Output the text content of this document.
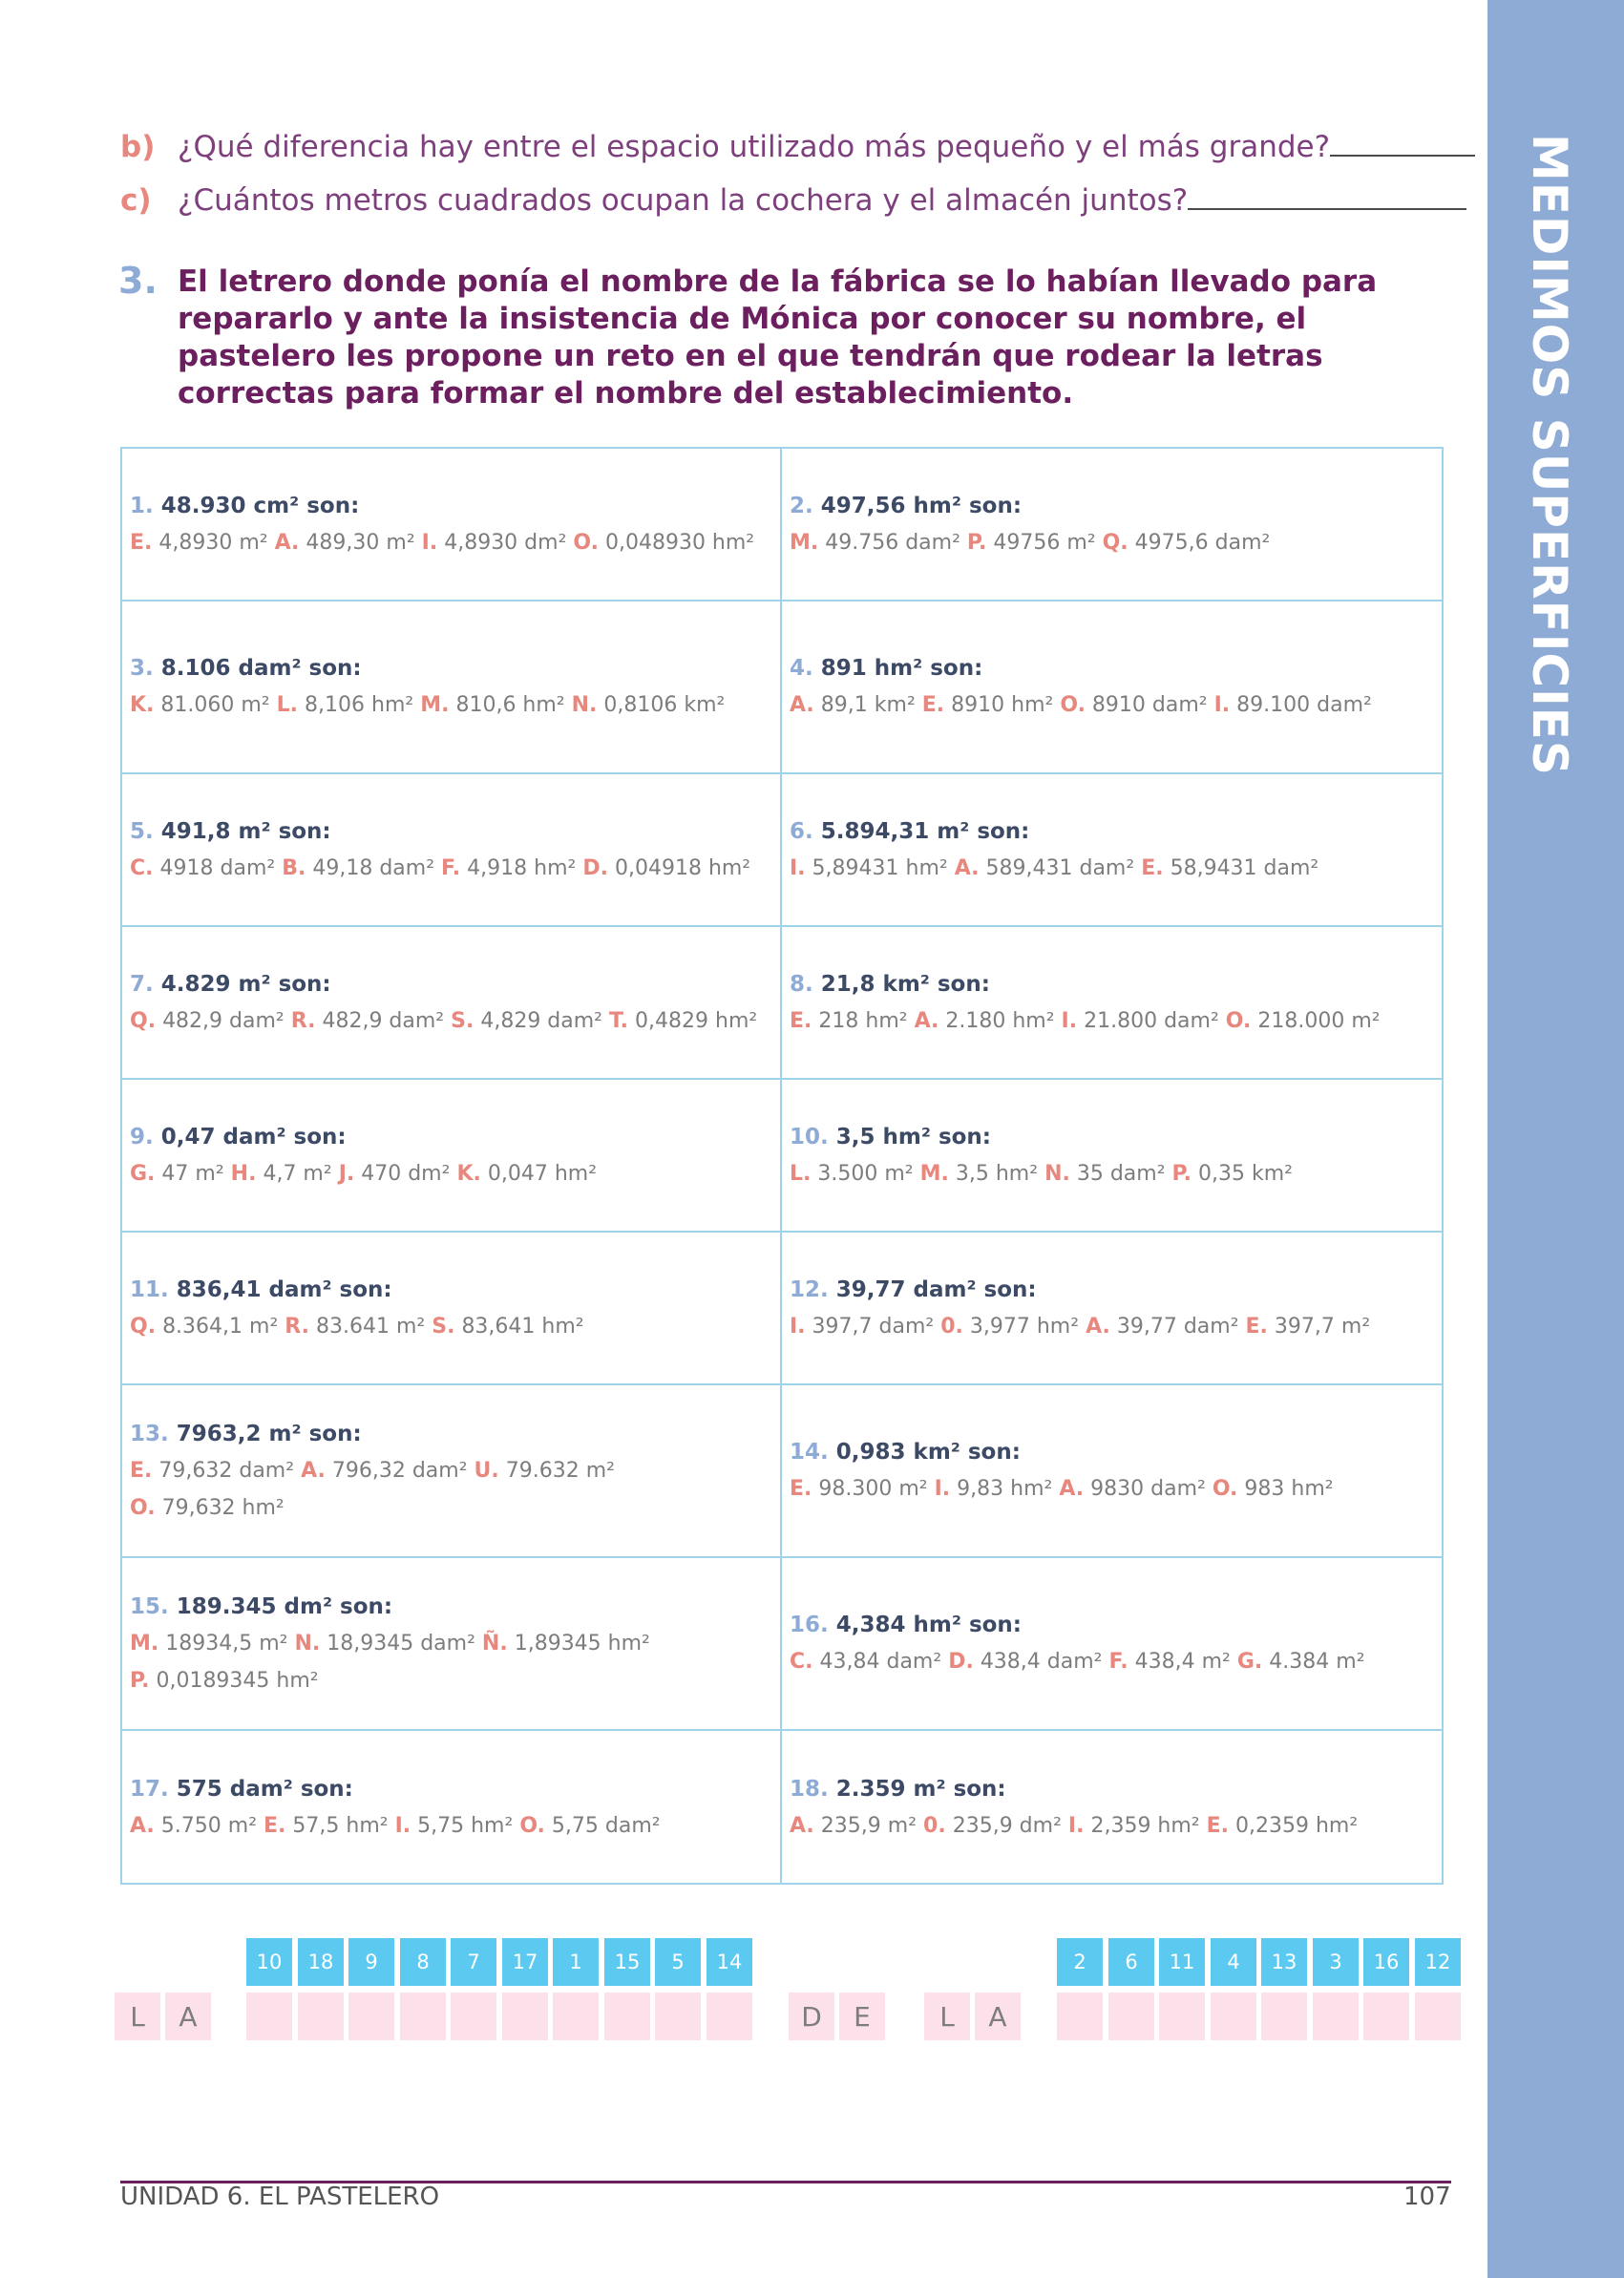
MEDIMOS SUPERFICIES
b) ¿Qué diferencia hay entre el espacio utilizado más pequeño y el más grande?
c) ¿Cuántos metros cuadrados ocupan la cochera y el almacén juntos?
3. El letrero donde ponía el nombre de la fábrica se lo habían llevado para repararlo y ante la insistencia de Mónica por conocer su nombre, el pastelero les propone un reto en el que tendrán que rodear la letras correctas para formar el nombre del establecimiento.
1. 48.930 cm² son:
E. 4,8930 m² A. 489,30 m² I. 4,8930 dm² O. 0,048930 hm²
2. 497,56 hm² son:
M. 49.756 dam² P. 49756 m² Q. 4975,6 dam²
3. 8.106 dam² son:
K. 81.060 m² L. 8,106 hm² M. 810,6 hm² N. 0,8106 km²
4. 891 hm² son:
A. 89,1 km² E. 8910 hm² O. 8910 dam² I. 89.100 dam²
5. 491,8 m² son:
C. 4918 dam² B. 49,18 dam² F. 4,918 hm² D. 0,04918 hm²
6. 5.894,31 m² son:
I. 5,89431 hm² A. 589,431 dam² E. 58,9431 dam²
7. 4.829 m² son:
Q. 482,9 dam² R. 482,9 dam² S. 4,829 dam² T. 0,4829 hm²
8. 21,8 km² son:
E. 218 hm² A. 2.180 hm² I. 21.800 dam² O. 218.000 m²
9. 0,47 dam² son:
G. 47 m² H. 4,7 m² J. 470 dm² K. 0,047 hm²
10. 3,5 hm² son:
L. 3.500 m² M. 3,5 hm² N. 35 dam² P. 0,35 km²
11. 836,41 dam² son:
Q. 8.364,1 m² R. 83.641 m² S. 83,641 hm²
12. 39,77 dam² son:
I. 397,7 dam² 0. 3,977 hm² A. 39,77 dam² E. 397,7 m²
13. 7963,2 m² son:
E. 79,632 dam² A. 796,32 dam² U. 79.632 m² O. 79,632 hm²
14. 0,983 km² son:
E. 98.300 m² I. 9,83 hm² A. 9830 dam² O. 983 hm²
15. 189.345 dm² son:
M. 18934,5 m² N. 18,9345 dam² Ñ. 1,89345 hm² P. 0,0189345 hm²
16. 4,384 hm² son:
C. 43,84 dam² D. 438,4 dam² F. 438,4 m² G. 4.384 m²
17. 575 dam² son:
A. 5.750 m² E. 57,5 hm² I. 5,75 hm² O. 5,75 dam²
18. 2.359 m² son:
A. 235,9 m² 0. 235,9 dm² I. 2,359 hm² E. 0,2359 hm²
10	18	9	8	7	17	1	15	5	14	2	6	11	4	13	3	16	12
L	A	D	E	L	A
UNIDAD 6. EL PASTELERO	107
